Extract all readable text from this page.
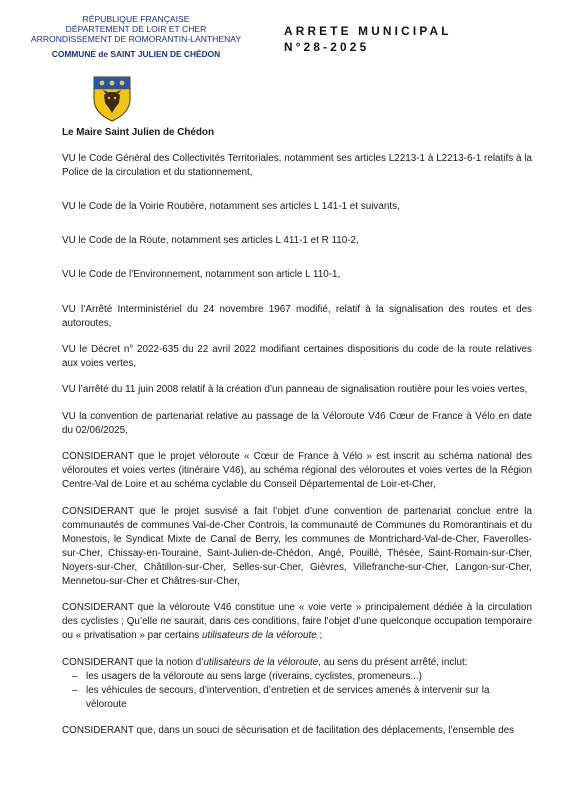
RÉPUBLIQUE FRANÇAISE
DÉPARTEMENT DE LOIR ET CHER
ARRONDISSEMENT DE ROMORANTIN-LANTHENAY
COMMUNE de SAINT JULIEN DE CHÉDON
ARRETE MUNICIPAL
N°28-2025

Le Maire Saint Julien de Chédon

VU le Code Général des Collectivités Territoriales, notamment ses articles L2213-1 à L2213-6-1 relatifs à la Police de la circulation et du stationnement,

VU le Code de la Voirie Routière, notamment ses articles L 141-1 et suivants,

VU le Code de la Route, notamment ses articles L 411-1 et R 110-2,

VU le Code de l’Environnement, notamment son article L 110-1,

VU l’Arrêté Interministériel du 24 novembre 1967 modifié, relatif à la signalisation des routes et des autoroutes,

VU le Décret n° 2022-635 du 22 avril 2022 modifiant certaines dispositions du code de la route relatives aux voies vertes,

VU l’arrêté du 11 juin 2008 relatif à la création d’un panneau de signalisation routière pour les voies vertes,

VU la convention de partenariat relative au passage de la Véloroute V46 Cœur de France à Vélo en date du 02/06/2025,

CONSIDERANT que le projet véloroute « Cœur de France à Vélo » est inscrit au schéma national des véloroutes et voies vertes (itinéraire V46), au schéma régional des véloroutes et voies vertes de la Région Centre-Val de Loire et au schéma cyclable du Conseil Départemental de Loir-et-Cher,

CONSIDERANT que le projet susvisé a fait l’objet d’une convention de partenariat conclue entre la communautés de communes Val-de-Cher Controis, la communauté de Communes du Romorantinais et du Monestois, le Syndicat Mixte de Canal de Berry, les communes de Montrichard-Val-de-Cher, Faverolles-sur-Cher, Chissay-en-Touraine, Saint-Julien-de-Chédon, Angé, Pouillé, Thésée, Saint-Romain-sur-Cher, Noyers-sur-Cher, Châtillon-sur-Cher, Selles-sur-Cher, Gièvres, Villefranche-sur-Cher, Langon-sur-Cher, Mennetou-sur-Cher et Châtres-sur-Cher,

CONSIDERANT que la véloroute V46 constitue une « voie verte » principalement dédiée à la circulation des cyclistes ; Qu’elle ne saurait, dans ces conditions, faire l’objet d’une quelconque occupation temporaire ou « privatisation » par certains utilisateurs de la véloroute ;

CONSIDERANT que la notion d’utilisateurs de la véloroute, au sens du présent arrêté, inclut:

– les usagers de la véloroute au sens large (riverains, cyclistes, promeneurs...)
– les véhicules de secours, d’intervention, d’entretien et de services amenés à intervenir sur la véloroute

CONSIDERANT que, dans un souci de sécurisation et de facilitation des déplacements, l’ensemble des
